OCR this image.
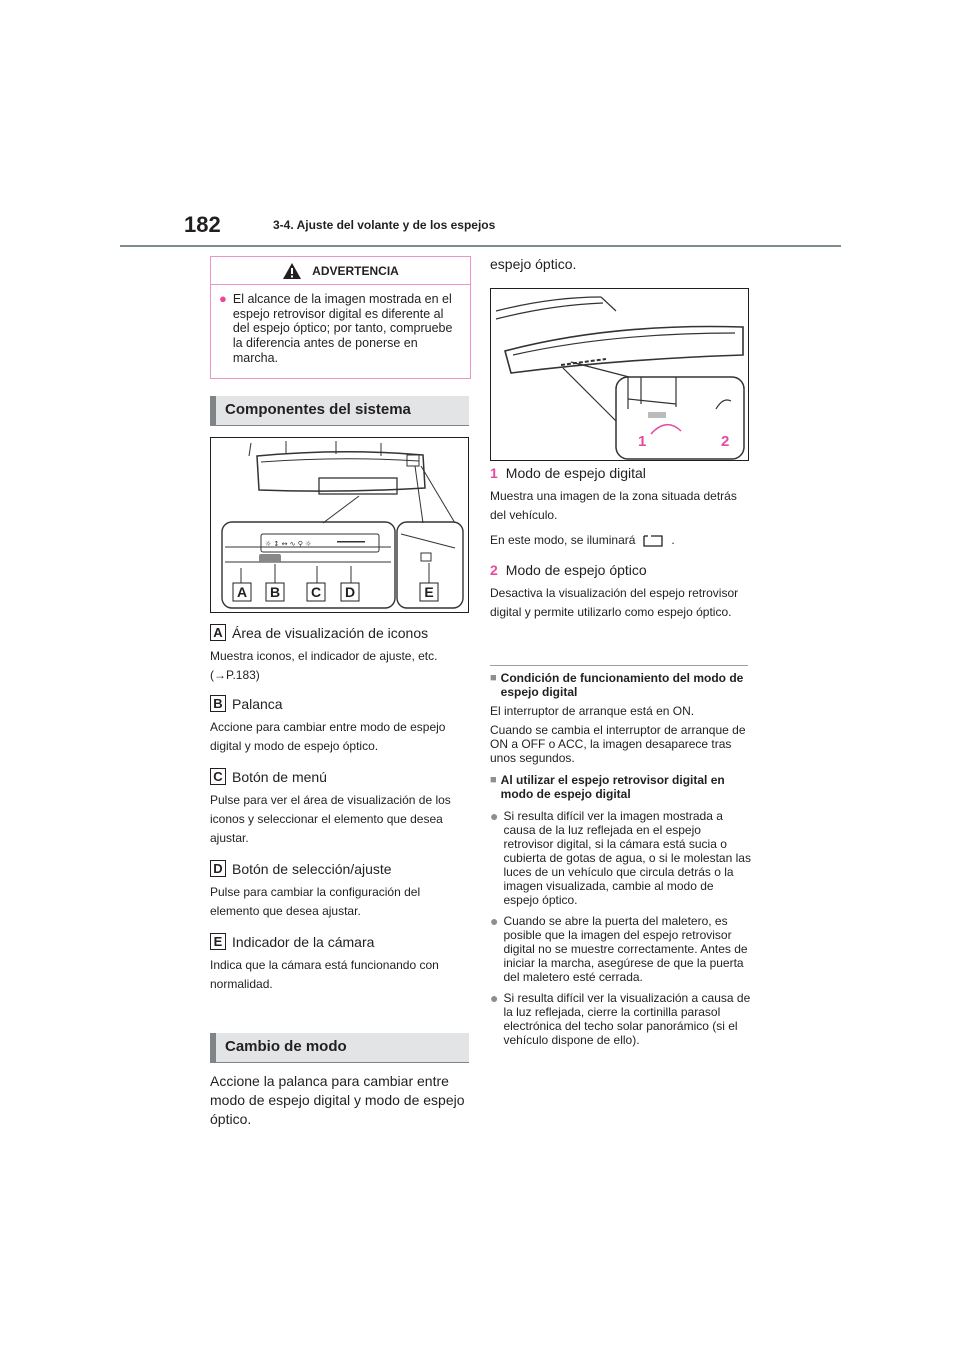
182	3-4. Ajuste del volante y de los espejos
ADVERTENCIA
● El alcance de la imagen mostrada en el espejo retrovisor digital es diferente al del espejo óptico; por tanto, compruebe la diferencia antes de ponerse en marcha.
Componentes del sistema
☼ ↕ ↔ ∿ ⚲ ☼
A B C D	E
A Área de visualización de iconos
Muestra iconos, el indicador de ajuste, etc. (→P.183)
B Palanca
Accione para cambiar entre modo de espejo digital y modo de espejo óptico.
C Botón de menú
Pulse para ver el área de visualización de los iconos y seleccionar el elemento que desea ajustar.
D Botón de selección/ajuste
Pulse para cambiar la configuración del elemento que desea ajustar.
E Indicador de la cámara
Indica que la cámara está funcionando con normalidad.
Cambio de modo
Accione la palanca para cambiar entre modo de espejo digital y modo de espejo óptico.
espejo óptico.
1	2
1 Modo de espejo digital
Muestra una imagen de la zona situada detrás del vehículo.
En este modo, se iluminará	.
2 Modo de espejo óptico
Desactiva la visualización del espejo retrovisor digital y permite utilizarlo como espejo óptico.
■ Condición de funcionamiento del modo de espejo digital
El interruptor de arranque está en ON.
Cuando se cambia el interruptor de arranque de ON a OFF o ACC, la imagen desaparece tras unos segundos.
■ Al utilizar el espejo retrovisor digital en modo de espejo digital
● Si resulta difícil ver la imagen mostrada a causa de la luz reflejada en el espejo retrovisor digital, si la cámara está sucia o cubierta de gotas de agua, o si le molestan las luces de un vehículo que circula detrás o la imagen visualizada, cambie al modo de espejo óptico.
● Cuando se abre la puerta del maletero, es posible que la imagen del espejo retrovisor digital no se muestre correctamente. Antes de iniciar la marcha, asegúrese de que la puerta del maletero esté cerrada.
● Si resulta difícil ver la visualización a causa de la luz reflejada, cierre la cortinilla parasol electrónica del techo solar panorámico (si el vehículo dispone de ello).
